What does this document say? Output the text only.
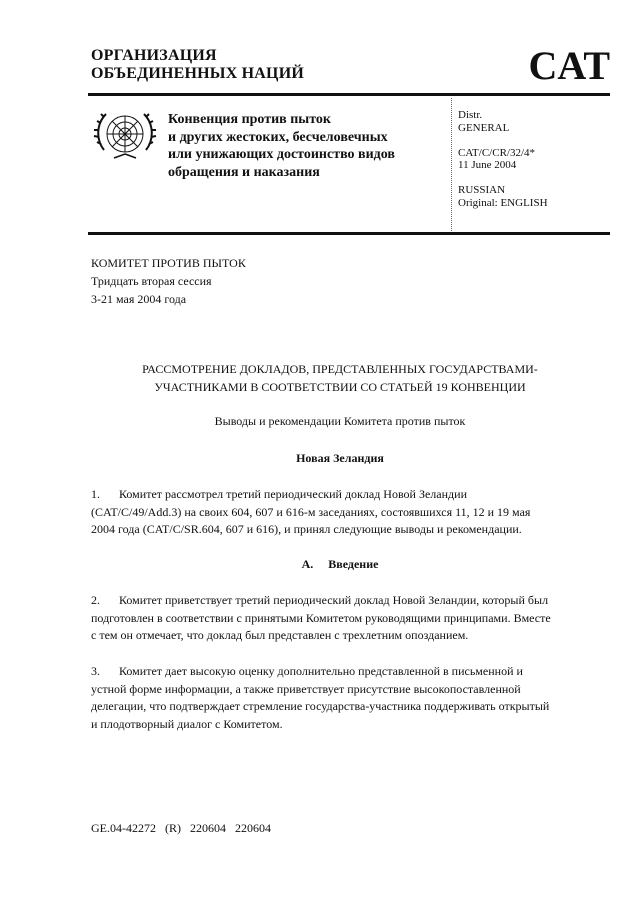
ОРГАНИЗАЦИЯ
ОБЪЕДИНЕННЫХ НАЦИЙ	CAT
Конвенция против пыток
и других жестоких, бесчеловечных
или унижающих достоинство видов
обращения и наказания
Distr.
GENERAL
CAT/C/CR/32/4*
11 June 2004
RUSSIAN
Original: ENGLISH
КОМИТЕТ ПРОТИВ ПЫТОК
Тридцать вторая сессия
3-21 мая 2004 года
РАССМОТРЕНИЕ ДОКЛАДОВ, ПРЕДСТАВЛЕННЫХ ГОСУДАРСТВАМИ-
УЧАСТНИКАМИ В СООТВЕТСТВИИ СО СТАТЬЕЙ 19 КОНВЕНЦИИ
Выводы и рекомендации Комитета против пыток
Новая Зеландия
1. Комитет рассмотрел третий периодический доклад Новой Зеландии
(CAT/C/49/Add.3) на своих 604, 607 и 616-м заседаниях, состоявшихся 11, 12 и 19 мая
2004 года (CAT/C/SR.604, 607 и 616), и принял следующие выводы и рекомендации.
A. Введение
2. Комитет приветствует третий периодический доклад Новой Зеландии, который был
подготовлен в соответствии с принятыми Комитетом руководящими принципами. Вместе
с тем он отмечает, что доклад был представлен с трехлетним опозданием.
3. Комитет дает высокую оценку дополнительно представленной в письменной и
устной форме информации, а также приветствует присутствие высокопоставленной
делегации, что подтверждает стремление государства-участника поддерживать открытый
и плодотворный диалог с Комитетом.
GE.04-42272 (R) 220604 220604
